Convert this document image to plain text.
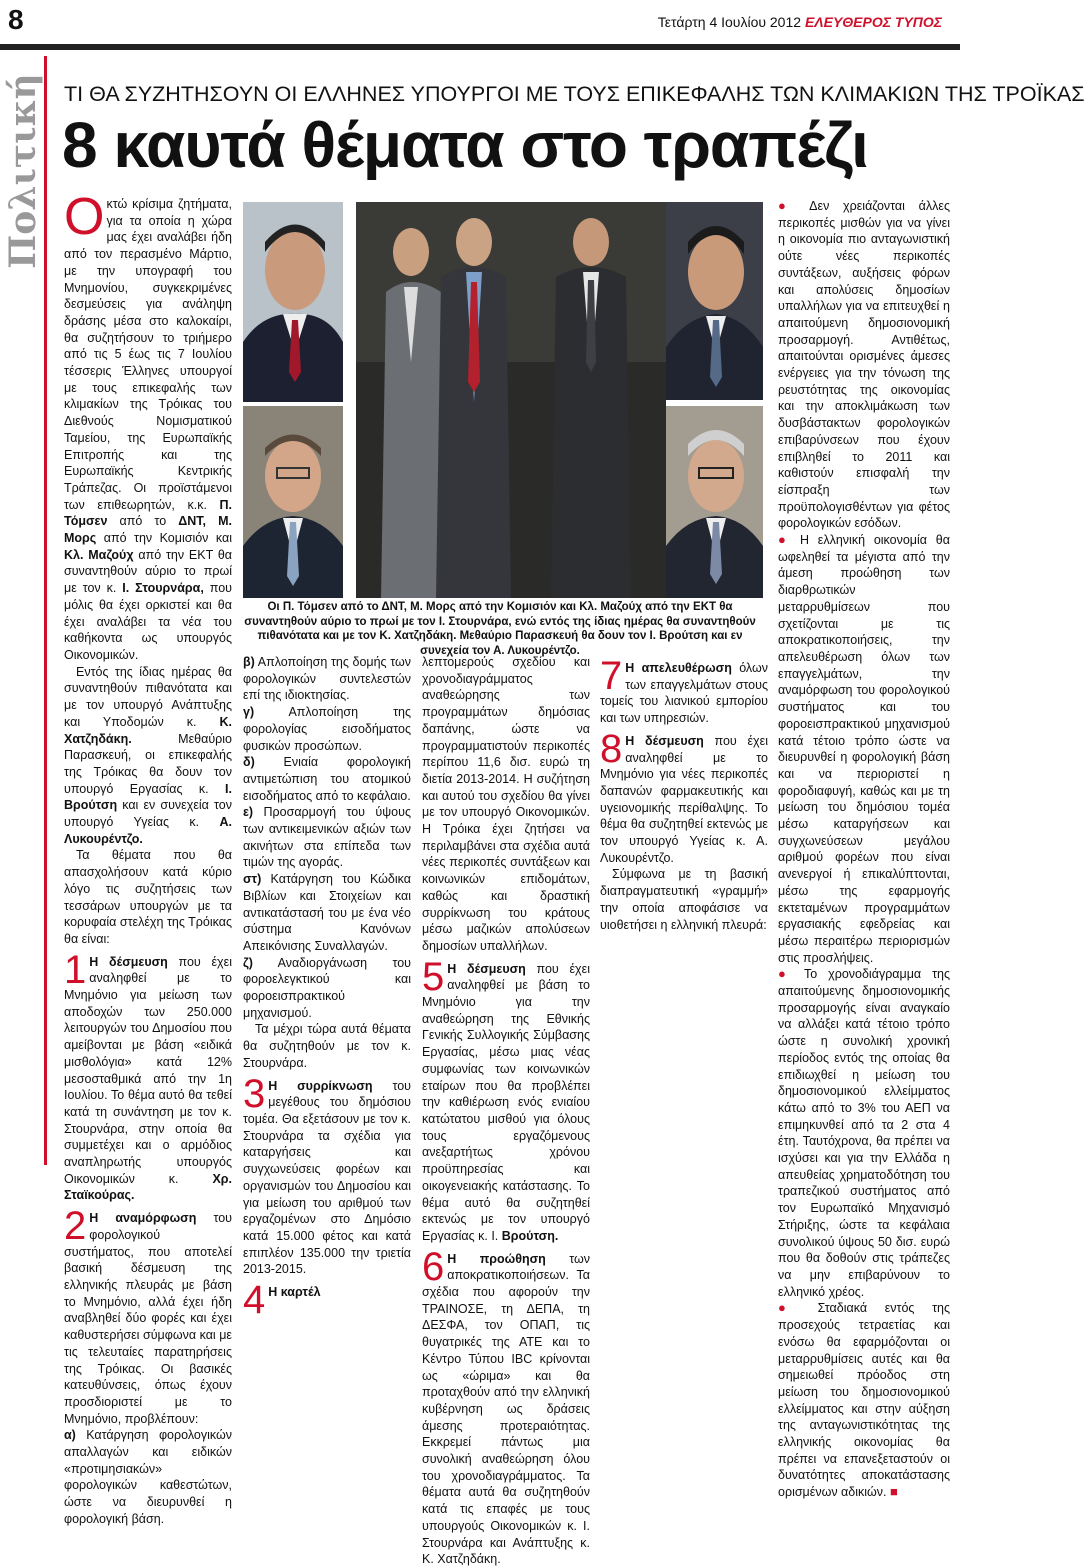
8	Τετάρτη 4 Ιουλίου 2012 ΕΛΕΥΘΕΡΟΣ ΤΥΠΟΣ
Πολιτική ΤΙ ΘΑ ΣΥΖΗΤΗΣΟΥΝ ΟΙ ΕΛΛΗΝΕΣ ΥΠΟΥΡΓΟΙ ΜΕ ΤΟΥΣ ΕΠΙΚΕΦΑΛΗΣ ΤΩΝ ΚΛΙΜΑΚΙΩΝ ΤΗΣ ΤΡΟΪΚΑΣ
8 καυτά θέματα στο τραπέζι

Ο κτώ κρίσιμα ζητήματα, για τα οποία η χώρα μας έχει αναλάβει ήδη από τον περασμένο Μάρτιο, με την υπογραφή του Μνημονίου, συγκεκριμένες δεσμεύσεις για ανάληψη δράσης μέσα στο καλοκαίρι, θα συζητήσουν το τριήμερο από τις 5 έως τις 7 Ιουλίου τέσσερις Έλληνες υπουργοί με τους επικεφαλής των κλιμακίων της Τρόικας του Διεθνούς Νομισματικού Ταμείου, της Ευρωπαϊκής Επιτροπής και της Ευρωπαϊκής Κεντρικής Τράπεζας. Οι προϊστάμενοι των επιθεωρητών, κ.κ. Π. Τόμσεν από το ΔΝΤ, Μ. Μορς από την Κομισιόν και Κλ. Μαζούχ από την ΕΚΤ θα συναντηθούν αύριο το πρωί με τον κ. Ι. Στουρνάρα, που μόλις θα έχει ορκιστεί και θα έχει αναλάβει τα νέα του καθήκοντα ως υπουργός Οικονομικών.

Εντός της ίδιας ημέρας θα συναντηθούν πιθανότατα και με τον υπουργό Ανάπτυξης και Υποδομών κ. Κ. Χατζηδάκη.	Μεθαύριο Παρασκευή, οι επικεφαλής της Τρόικας θα δουν τον υπουργό Εργασίας κ. Ι. Βρούτση και εν συνεχεία τον υπουργό Υγείας κ. Α. Λυκουρέντζο.

Τα θέματα που θα απασχολήσουν κατά κύριο λόγο τις συζητήσεις των τεσσάρων υπουργών με τα κορυφαία στελέχη της Τρόικας θα είναι:

1 Η δέσμευση που έχει αναληφθεί με το Μνημόνιο για μείωση των αποδοχών των 250.000 λειτουργών του Δημοσίου που αμείβονται με βάση «ειδικά μισθολόγια» κατά 12% μεσοσταθμικά από την 1η Ιουλίου. Το θέμα αυτό θα τεθεί κατά τη συνάντηση με τον κ. Στουρνάρα, στην οποία θα συμμετέχει και ο αρμόδιος αναπληρωτής υπουργός Οικονομικών κ.	Χρ. Σταϊκούρας.
2 Η αναμόρφωση του φορολογικού συστήματος, που αποτελεί βασική δέσμευση της ελληνικής πλευράς με βάση το Μνημόνιο, αλλά έχει ήδη αναβληθεί δύο φορές και έχει καθυστερήσει σύμφωνα και με τις τελευταίες παρατηρήσεις της Τρόικας. Οι βασικές κατευθύνσεις, όπως έχουν προσδιοριστεί με το Μνημόνιο, προβλέπουν:
α) Κατάργηση φορολογικών απαλλαγών και ειδικών «προτιμησιακών» φορολογικών καθεστώτων, ώστε να διευρυνθεί η φορολογική βάση.
Οι Π. Τόμσεν από το ΔΝΤ, Μ. Μορς από την Κομισιόν και Κλ. Μαζούχ από την ΕΚΤ θα συναντηθούν αύριο το πρωί με τον Ι. Στουρνάρα, ενώ εντός της ίδιας ημέρας θα συναντηθούν πιθανότατα και με τον Κ. Χατζηδάκη. Μεθαύριο Παρασκευή θα δουν τον Ι. Βρούτση και εν συνεχεία τον Α. Λυκουρέντζο.

β) Απλοποίηση της δομής των φορολογικών συντελεστών επί της ιδιοκτησίας.

γ)	Απλοποίηση της φορολογίας εισοδήματος φυσικών προσώπων.

δ) Ενιαία φορολογική αντιμετώπιση του ατομικού εισοδήματος από το κεφάλαιο.

ε) Προσαρμογή του ύψους των αντικειμενικών αξιών των ακινήτων στα επίπεδα των τιμών της αγοράς.

στ) Κατάργηση του Κώδικα Βιβλίων και Στοιχείων και αντικατάστασή του με ένα νέο σύστημα Κανόνων Απεικόνισης Συναλλαγών.

ζ) Αναδιοργάνωση του φοροελεγκτικού και φοροεισπρακτικού μηχανισμού.

Τα μέχρι τώρα αυτά θέματα θα συζητηθούν με τον κ. Στουρνάρα.

3 Η συρρίκνωση του μεγέθους του δημόσιου τομέα. Θα εξετάσουν με τον κ. Στουρνάρα τα σχέδια για καταργήσεις και συγχωνεύσεις φορέων και οργανισμών του Δημοσίου και για μείωση του αριθμού των εργαζομένων στο Δημόσιο κατά 15.000 φέτος και κατά επιπλέον 135.000 την τριετία 2013-2015.
4 Η καρτέλ
λεπτομερούς σχεδίου και χρονοδιαγράμματος αναθεώρησης των προγραμμάτων δημόσιας δαπάνης, ώστε να προγραμματιστούν περικοπές περίπου 11,6 δισ. ευρώ τη διετία 2013-2014. Η συζήτηση και αυτού του σχεδίου θα γίνει με τον υπουργό Οικονομικών. Η Τρόικα έχει ζητήσει να περιλαμβάνει στα σχέδια αυτά νέες περικοπές συντάξεων και κοινωνικών επιδομάτων, καθώς και δραστική συρρίκνωση του κράτους μέσω μαζικών απολύσεων δημοσίων υπαλλήλων.
5 Η δέσμευση που έχει αναληφθεί με βάση το Μνημόνιο για την αναθεώρηση της Εθνικής Γενικής Συλλογικής Σύμβασης Εργασίας, μέσω μιας νέας συμφωνίας των κοινωνικών εταίρων που θα προβλέπει την καθιέρωση ενός ενιαίου κατώτατου μισθού για όλους τους εργαζόμενους ανεξαρτήτως χρόνου προϋπηρεσίας και οικογενειακής κατάστασης. Το θέμα αυτό θα συζητηθεί εκτενώς με τον υπουργό Εργασίας κ. Ι. Βρούτση.
6 Η προώθηση των αποκρατικοποιήσεων. Τα σχέδια που αφορούν την ΤΡΑΙΝΟΣΕ, τη ΔΕΠΑ, τη ΔΕΣΦΑ, τον ΟΠΑΠ, τις θυγατρικές της ΑΤΕ και το Κέντρο Τύπου IBC κρίνονται ως «ώριμα» και θα προταχθούν από την ελληνική κυβέρνηση ως δράσεις άμεσης προτεραιότητας. Εκκρεμεί πάντως μια συνολική αναθεώρηση όλου του χρονοδιαγράμματος. Τα θέματα αυτά θα συζητηθούν κατά τις επαφές με τους υπουργούς Οικονομικών κ. Ι. Στουρνάρα και Ανάπτυξης κ. Κ. Χατζηδάκη.
7 Η απελευθέρωση όλων των επαγγελμάτων στους τομείς του λιανικού εμπορίου και των υπηρεσιών.
8 Η δέσμευση που έχει αναληφθεί με το Μνημόνιο για νέες περικοπές δαπανών φαρμακευτικής και υγειονομικής περίθαλψης. Το θέμα θα συζητηθεί εκτενώς με τον υπουργό Υγείας κ. Α. Λυκουρέντζο.

Σύμφωνα με τη βασική διαπραγματευτική «γραμμή» την οποία αποφάσισε να υιοθετήσει η ελληνική πλευρά:

● Δεν χρειάζονται άλλες περικοπές μισθών για να γίνει η οικονομία πιο ανταγωνιστική ούτε νέες περικοπές συντάξεων, αυξήσεις φόρων και απολύσεις δημοσίων υπαλλήλων για να επιτευχθεί η απαιτούμενη δημοσιονομική προσαρμογή. Αντιθέτως, απαιτούνται ορισμένες άμεσες ενέργειες για την τόνωση της ρευστότητας της οικονομίας και την αποκλιμάκωση των δυσβάστακτων φορολογικών επιβαρύνσεων που έχουν επιβληθεί το 2011 και καθιστούν επισφαλή την είσπραξη των προϋπολογισθέντων για φέτος φορολογικών εσόδων.

● Η ελληνική οικονομία θα ωφεληθεί τα μέγιστα από την άμεση προώθηση των διαρθρωτικών μεταρρυθμίσεων που σχετίζονται με τις αποκρατικοποιήσεις, την απελευθέρωση όλων των επαγγελμάτων, την αναμόρφωση του φορολογικού συστήματος και του φοροεισπρακτικού μηχανισμού κατά τέτοιο τρόπο ώστε να διευρυνθεί η φορολογική βάση και να περιοριστεί η φοροδιαφυγή, καθώς και με τη μείωση του δημόσιου τομέα μέσω καταργήσεων και συγχωνεύσεων μεγάλου αριθμού φορέων που είναι ανενεργοί ή επικαλύπτονται, μέσω της εφαρμογής εκτεταμένων προγραμμάτων εργασιακής εφεδρείας και μέσω περαιτέρω περιορισμών στις προσλήψεις.

● Το χρονοδιάγραμμα της απαιτούμενης δημοσιονομικής προσαρμογής είναι αναγκαίο να αλλάξει κατά τέτοιο τρόπο ώστε η συνολική χρονική περίοδος εντός της οποίας θα επιδιωχθεί η μείωση του δημοσιονομικού ελλείμματος κάτω από το 3% του ΑΕΠ να επιμηκυνθεί από τα 2 στα 4 έτη. Ταυτόχρονα, θα πρέπει να ισχύσει και για την Ελλάδα η απευθείας χρηματοδότηση του τραπεζικού συστήματος από τον Ευρωπαϊκό Μηχανισμό Στήριξης, ώστε τα κεφάλαια συνολικού ύψους 50 δισ. ευρώ που θα δοθούν στις τράπεζες να μην επιβαρύνουν το ελληνικό χρέος.

● Σταδιακά εντός της προσεχούς τετραετίας και ενόσω θα εφαρμόζονται οι μεταρρυθμίσεις αυτές και θα σημειωθεί πρόοδος στη μείωση του δημοσιονομικού ελλείμματος και στην αύξηση της ανταγωνιστικότητας της ελληνικής οικονομίας θα πρέπει να επανεξεταστούν οι δυνατότητες αποκατάστασης ορισμένων αδικιών. ■
